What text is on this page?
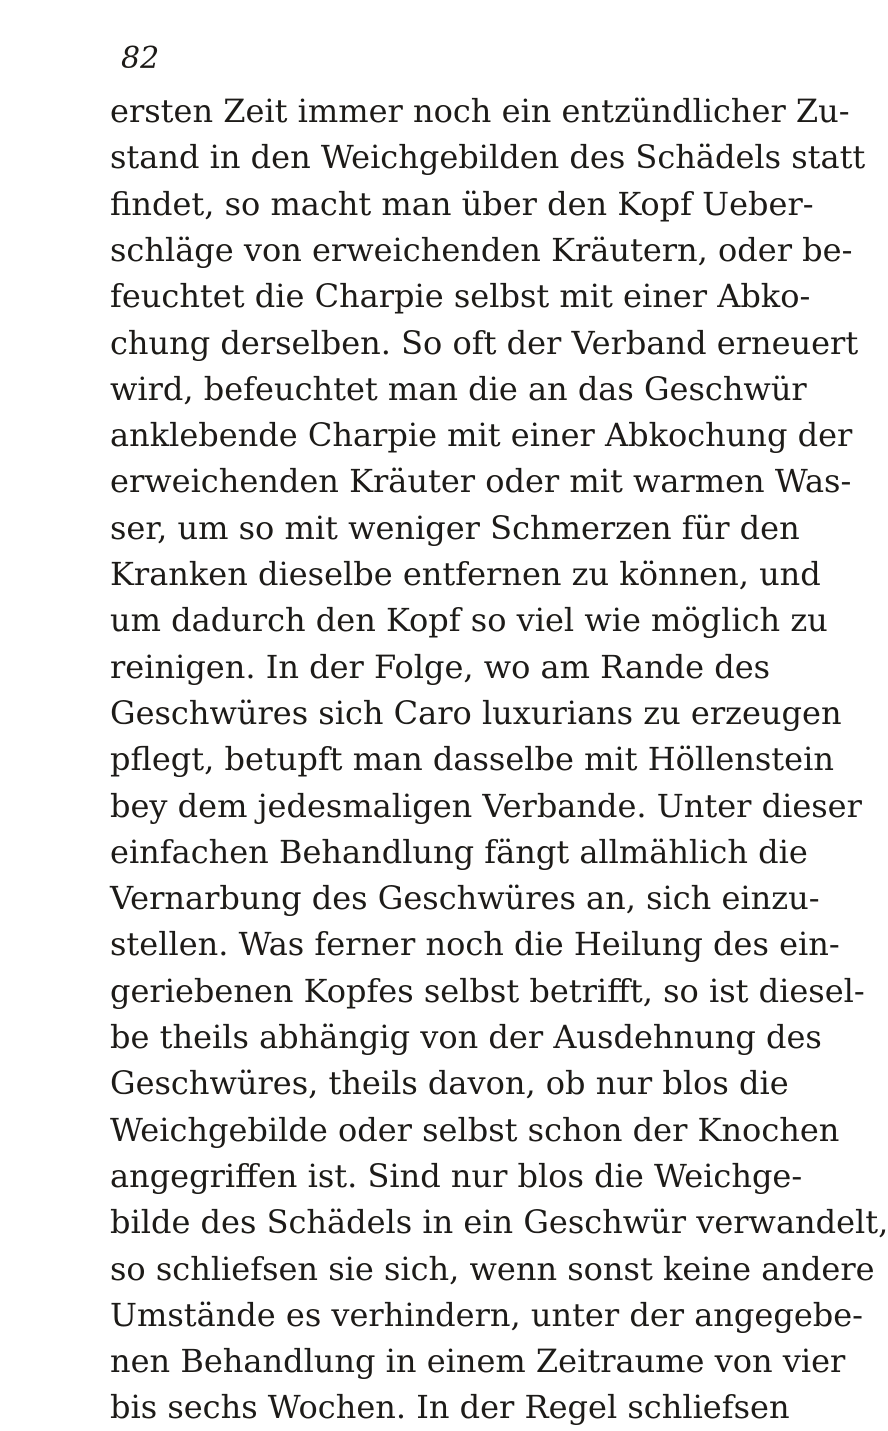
82
ersten Zeit immer noch ein entzündlicher Zu-
stand in den Weichgebilden des Schädels statt
findet, so macht man über den Kopf Ueber-
schläge von erweichenden Kräutern, oder be-
feuchtet die Charpie selbst mit einer Abko-
chung derselben. So oft der Verband erneuert
wird, befeuchtet man die an das Geschwür
anklebende Charpie mit einer Abkochung der
erweichenden Kräuter oder mit warmen Was-
ser, um so mit weniger Schmerzen für den
Kranken dieselbe entfernen zu können, und
um dadurch den Kopf so viel wie möglich zu
reinigen. In der Folge, wo am Rande des
Geschwüres sich Caro luxurians zu erzeugen
pflegt, betupft man dasselbe mit Höllenstein
bey dem jedesmaligen Verbande. Unter dieser
einfachen Behandlung fängt allmählich die
Vernarbung des Geschwüres an, sich einzu-
stellen. Was ferner noch die Heilung des ein-
geriebenen Kopfes selbst betrifft, so ist diesel-
be theils abhängig von der Ausdehnung des
Geschwüres, theils davon, ob nur blos die
Weichgebilde oder selbst schon der Knochen
angegriffen ist. Sind nur blos die Weichge-
bilde des Schädels in ein Geschwür verwandelt,
so schliefsen sie sich, wenn sonst keine andere
Umstände es verhindern, unter der angegebe-
nen Behandlung in einem Zeitraume von vier
bis sechs Wochen. In der Regel schliefsen
